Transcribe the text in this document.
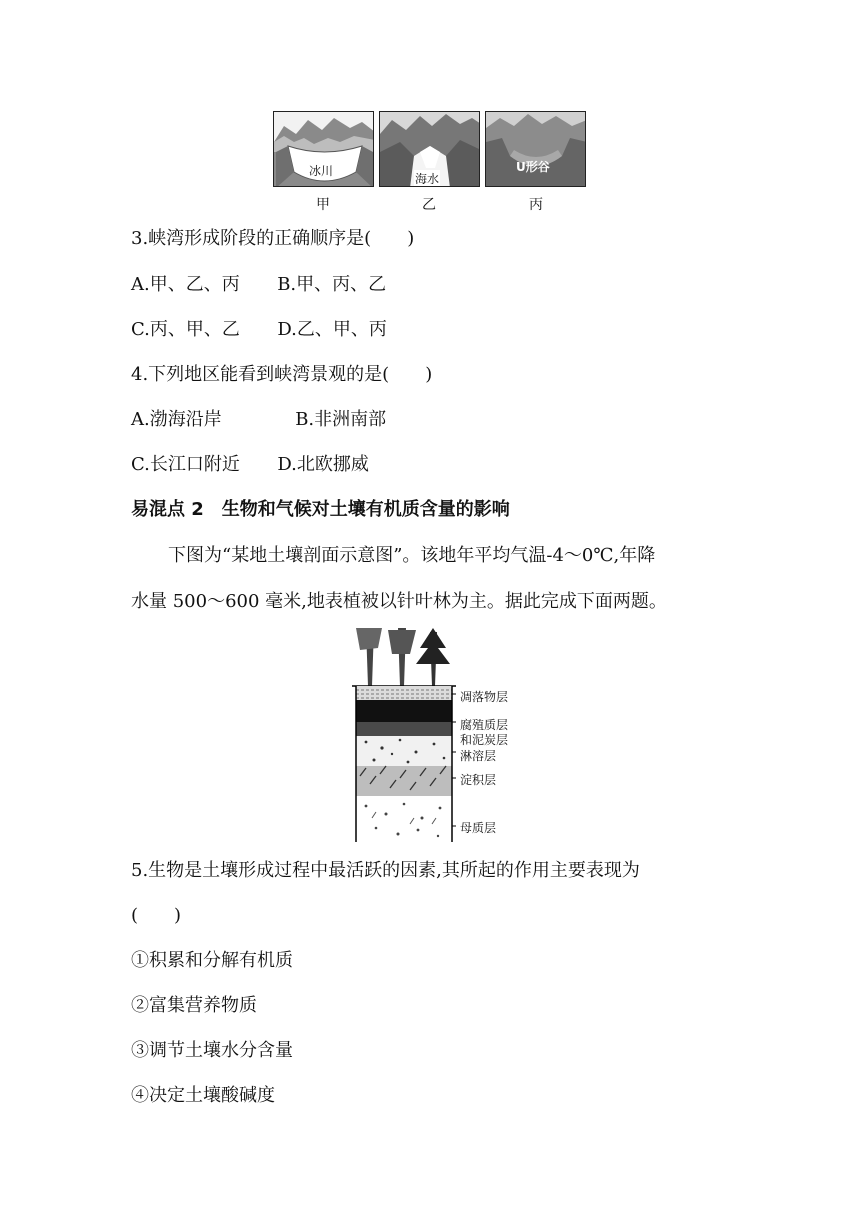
冰川
海水
U形谷
甲	乙	丙
3.峡湾形成阶段的正确顺序是(　　)
A.甲、乙、丙 B.甲、丙、乙
C.丙、甲、乙 D.乙、甲、丙
4.下列地区能看到峡湾景观的是(　　)
A.渤海沿岸	B.非洲南部
C.长江口附近 D.北欧挪威
易混点 2　生物和气候对土壤有机质含量的影响
下图为“某地土壤剖面示意图”。该地年平均气温-4～0℃,年降
水量 500～600 毫米,地表植被以针叶林为主。据此完成下面两题。
凋落物层
腐殖质层
和泥炭层
淋溶层
淀积层
母质层
5.生物是土壤形成过程中最活跃的因素,其所起的作用主要表现为
(　　)
①积累和分解有机质
②富集营养物质
③调节土壤水分含量
④决定土壤酸碱度
